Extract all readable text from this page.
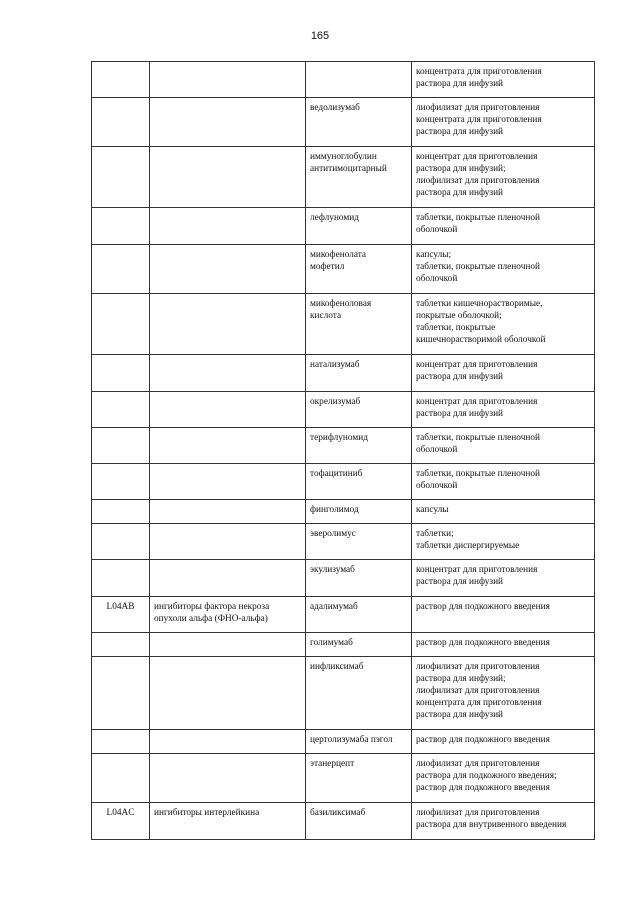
165

			концентрата для приготовления
раствора для инфузий

		ведолизумаб	лиофилизат для приготовления
концентрата для приготовления
раствора для инфузий

		иммуноглобулин
антитимоцитарный	концентрат для приготовления
раствора для инфузий;
лиофилизат для приготовления
раствора для инфузий

		лефлуномид	таблетки, покрытые пленочной
оболочкой

		микофенолата
мофетил	капсулы;
таблетки, покрытые пленочной
оболочкой

		микофеноловая
кислота	таблетки кишечнорастворимые,
покрытые оболочкой;
таблетки, покрытые
кишечнорастворимой оболочкой

		натализумаб	концентрат для приготовления
раствора для инфузий

		окрелизумаб	концентрат для приготовления
раствора для инфузий

		терифлуномид	таблетки, покрытые пленочной
оболочкой

		тофацитиниб	таблетки, покрытые пленочной
оболочкой

		финголимод	капсулы

		эверолимус	таблетки;
таблетки диспергируемые

		экулизумаб	концентрат для приготовления
раствора для инфузий

L04AB	ингибиторы фактора некроза
опухоли альфа (ФНО-альфа)	адалимумаб	раствор для подкожного введения

		голимумаб	раствор для подкожного введения

		инфликсимаб	лиофилизат для приготовления
раствора для инфузий;
лиофилизат для приготовления
концентрата для приготовления
раствора для инфузий

		цертолизумаба пэгол	раствор для подкожного введения

		этанерцепт	лиофилизат для приготовления
раствора для подкожного введения;
раствор для подкожного введения

L04AC	ингибиторы интерлейкина	базиликсимаб	лиофилизат для приготовления
раствора для внутривенного введения
